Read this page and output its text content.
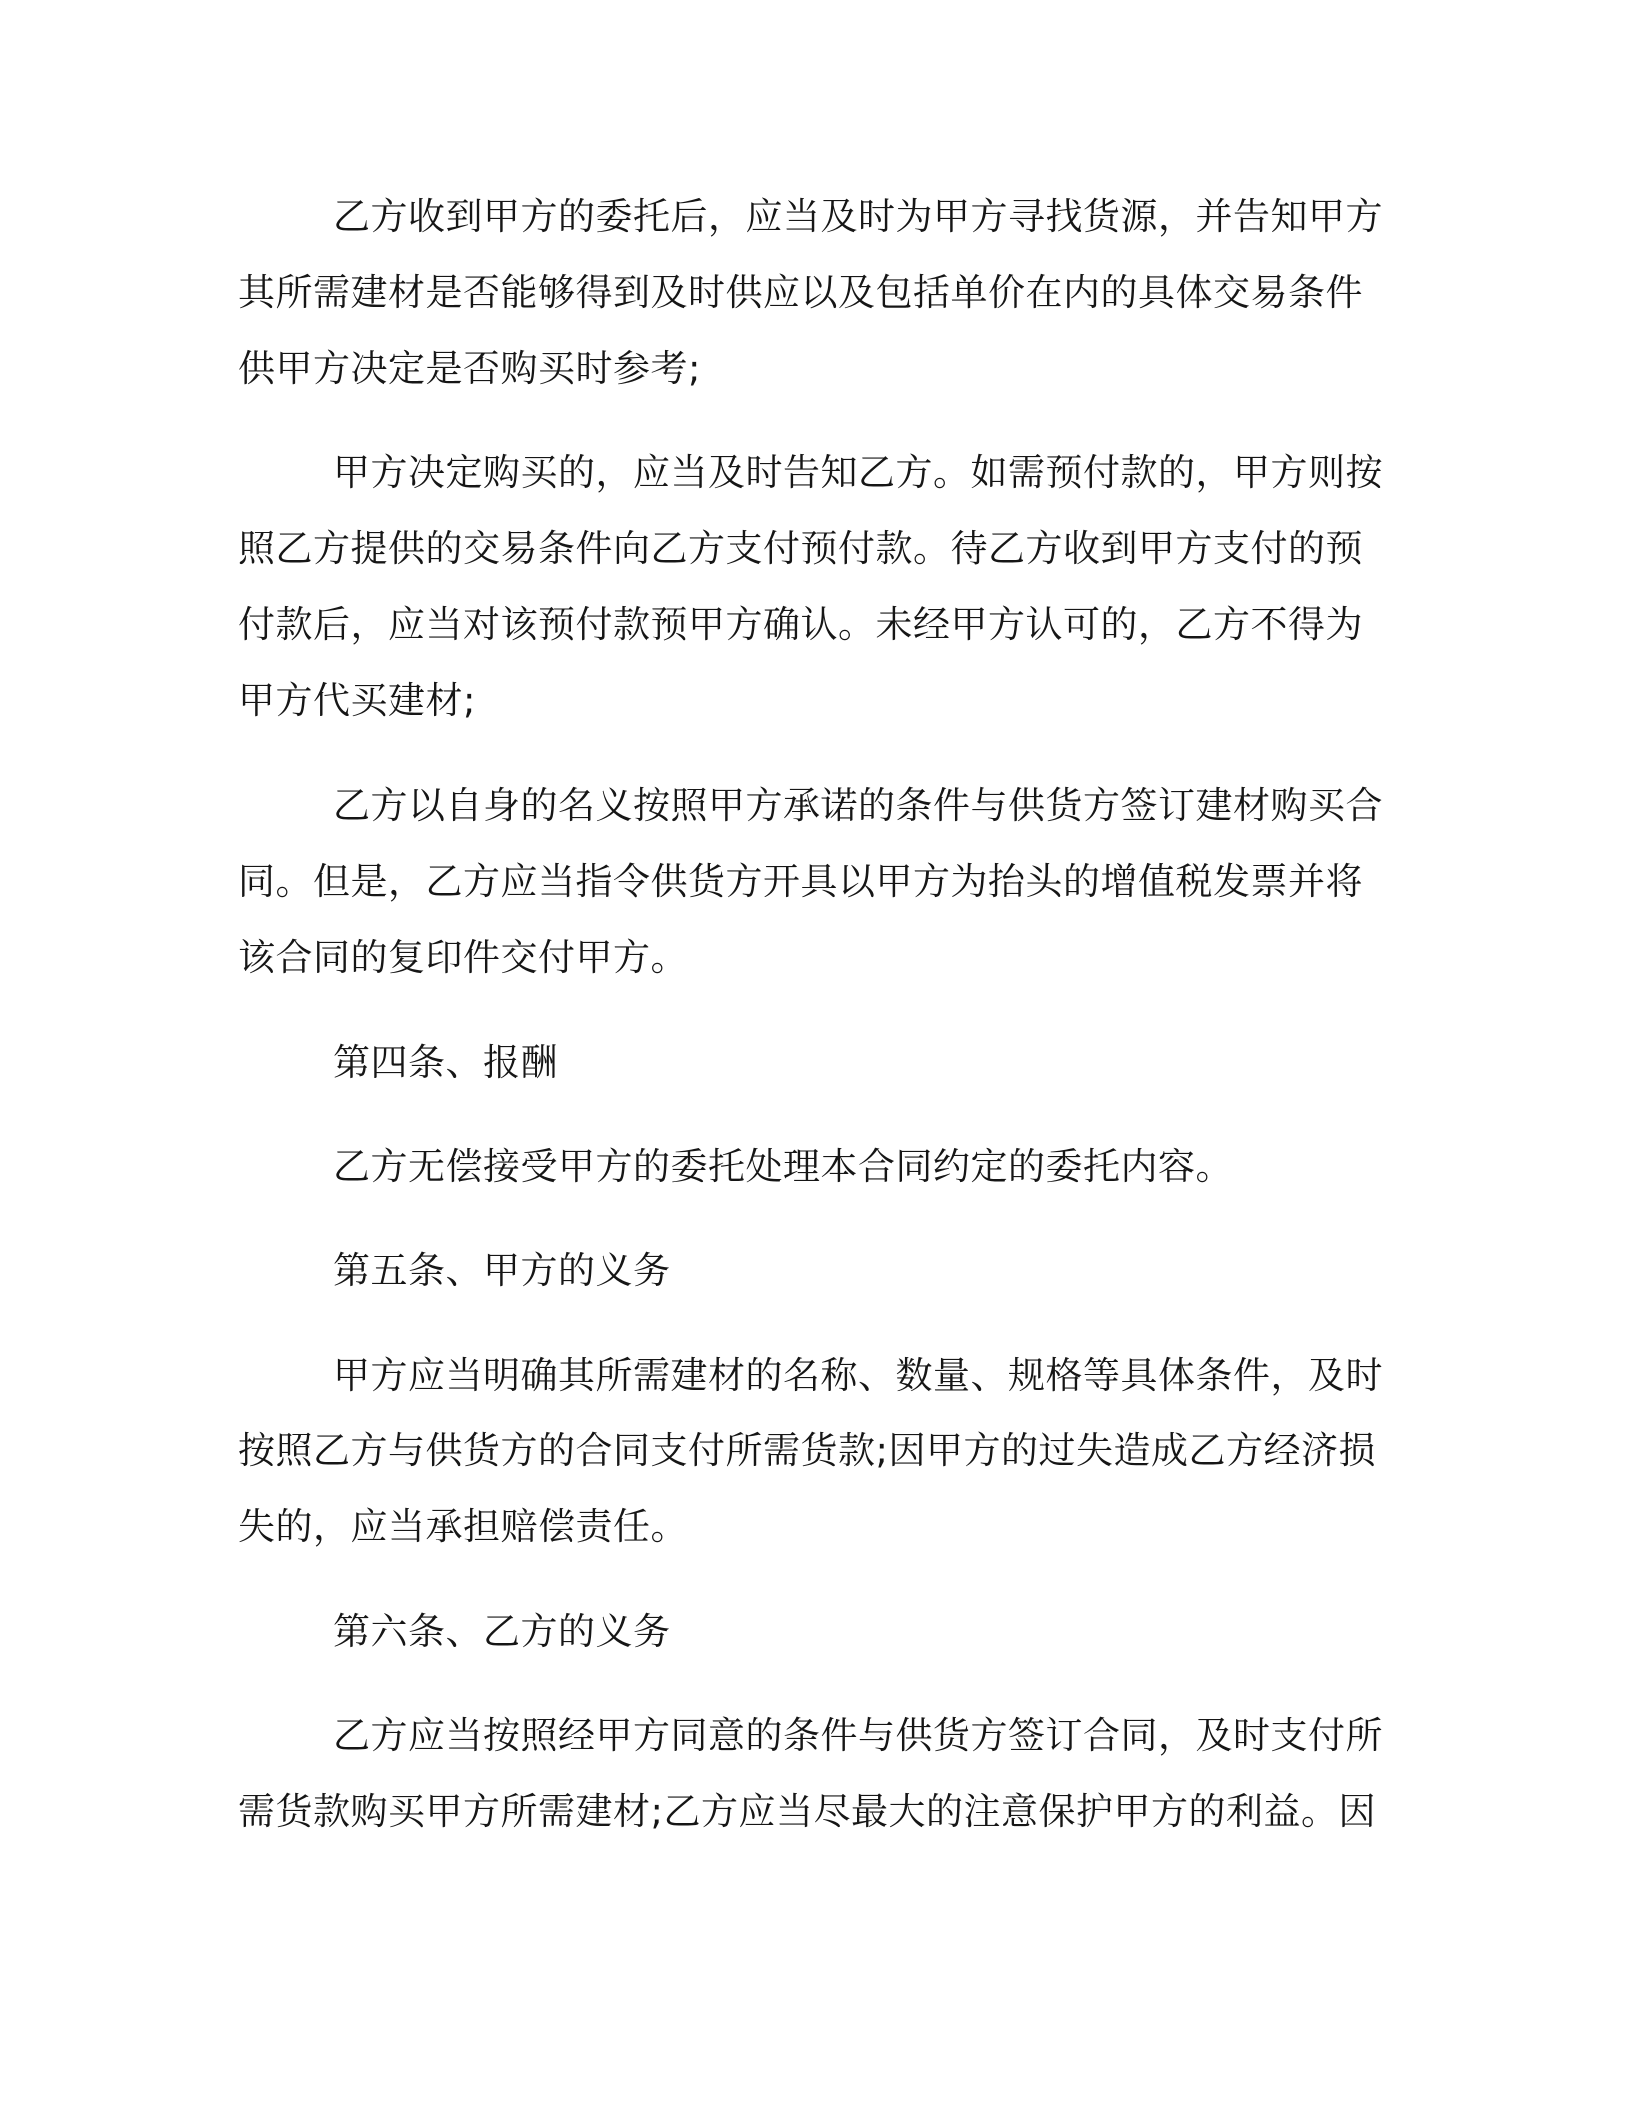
乙方收到甲方的委托后，应当及时为甲方寻找货源，并告知甲方
其所需建材是否能够得到及时供应以及包括单价在内的具体交易条件
供甲方决定是否购买时参考;
甲方决定购买的，应当及时告知乙方。如需预付款的，甲方则按
照乙方提供的交易条件向乙方支付预付款。待乙方收到甲方支付的预
付款后，应当对该预付款预甲方确认。未经甲方认可的，乙方不得为
甲方代买建材;
乙方以自身的名义按照甲方承诺的条件与供货方签订建材购买合
同。但是，乙方应当指令供货方开具以甲方为抬头的增值税发票并将
该合同的复印件交付甲方。
第四条、报酬
乙方无偿接受甲方的委托处理本合同约定的委托内容。
第五条、甲方的义务
甲方应当明确其所需建材的名称、数量、规格等具体条件，及时
按照乙方与供货方的合同支付所需货款;因甲方的过失造成乙方经济损
失的，应当承担赔偿责任。
第六条、乙方的义务
乙方应当按照经甲方同意的条件与供货方签订合同，及时支付所
需货款购买甲方所需建材;乙方应当尽最大的注意保护甲方的利益。因
